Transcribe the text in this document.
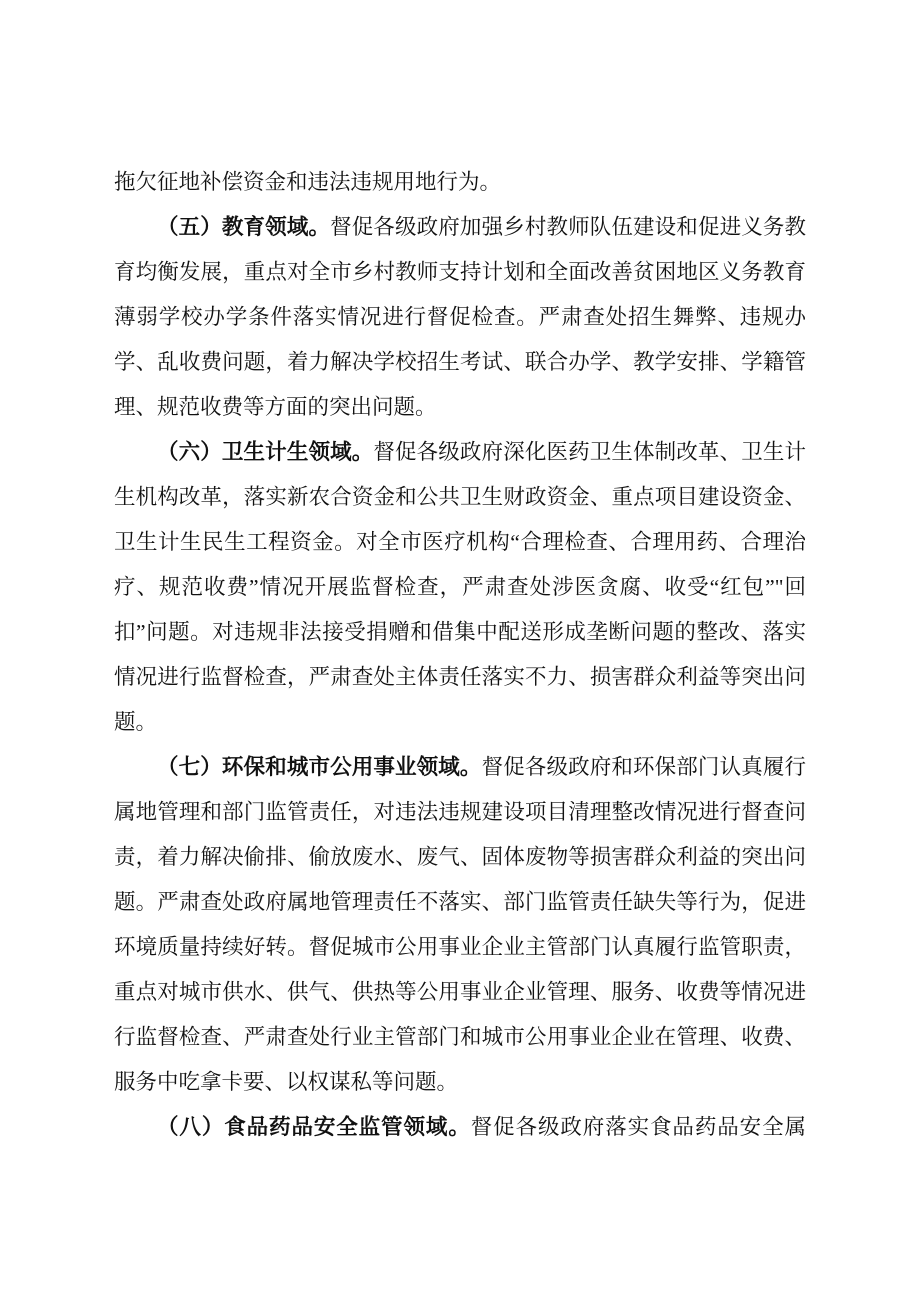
拖欠征地补偿资金和违法违规用地行为。

（五）教育领域。督促各级政府加强乡村教师队伍建设和促进义务教育均衡发展，重点对全市乡村教师支持计划和全面改善贫困地区义务教育薄弱学校办学条件落实情况进行督促检查。严肃查处招生舞弊、违规办学、乱收费问题，着力解决学校招生考试、联合办学、教学安排、学籍管理、规范收费等方面的突出问题。

（六）卫生计生领域。督促各级政府深化医药卫生体制改革、卫生计生机构改革，落实新农合资金和公共卫生财政资金、重点项目建设资金、卫生计生民生工程资金。对全市医疗机构“合理检查、合理用药、合理治疗、规范收费”情况开展监督检查，严肃查处涉医贪腐、收受“红包”"回扣”问题。对违规非法接受捐赠和借集中配送形成垄断问题的整改、落实情况进行监督检查，严肃查处主体责任落实不力、损害群众利益等突出问题。

（七）环保和城市公用事业领域。督促各级政府和环保部门认真履行属地管理和部门监管责任，对违法违规建设项目清理整改情况进行督查问责，着力解决偷排、偷放废水、废气、固体废物等损害群众利益的突出问题。严肃查处政府属地管理责任不落实、部门监管责任缺失等行为，促进环境质量持续好转。督促城市公用事业企业主管部门认真履行监管职责，重点对城市供水、供气、供热等公用事业企业管理、服务、收费等情况进行监督检查、严肃查处行业主管部门和城市公用事业企业在管理、收费、服务中吃拿卡要、以权谋私等问题。

（八）食品药品安全监管领域。督促各级政府落实食品药品安全属
